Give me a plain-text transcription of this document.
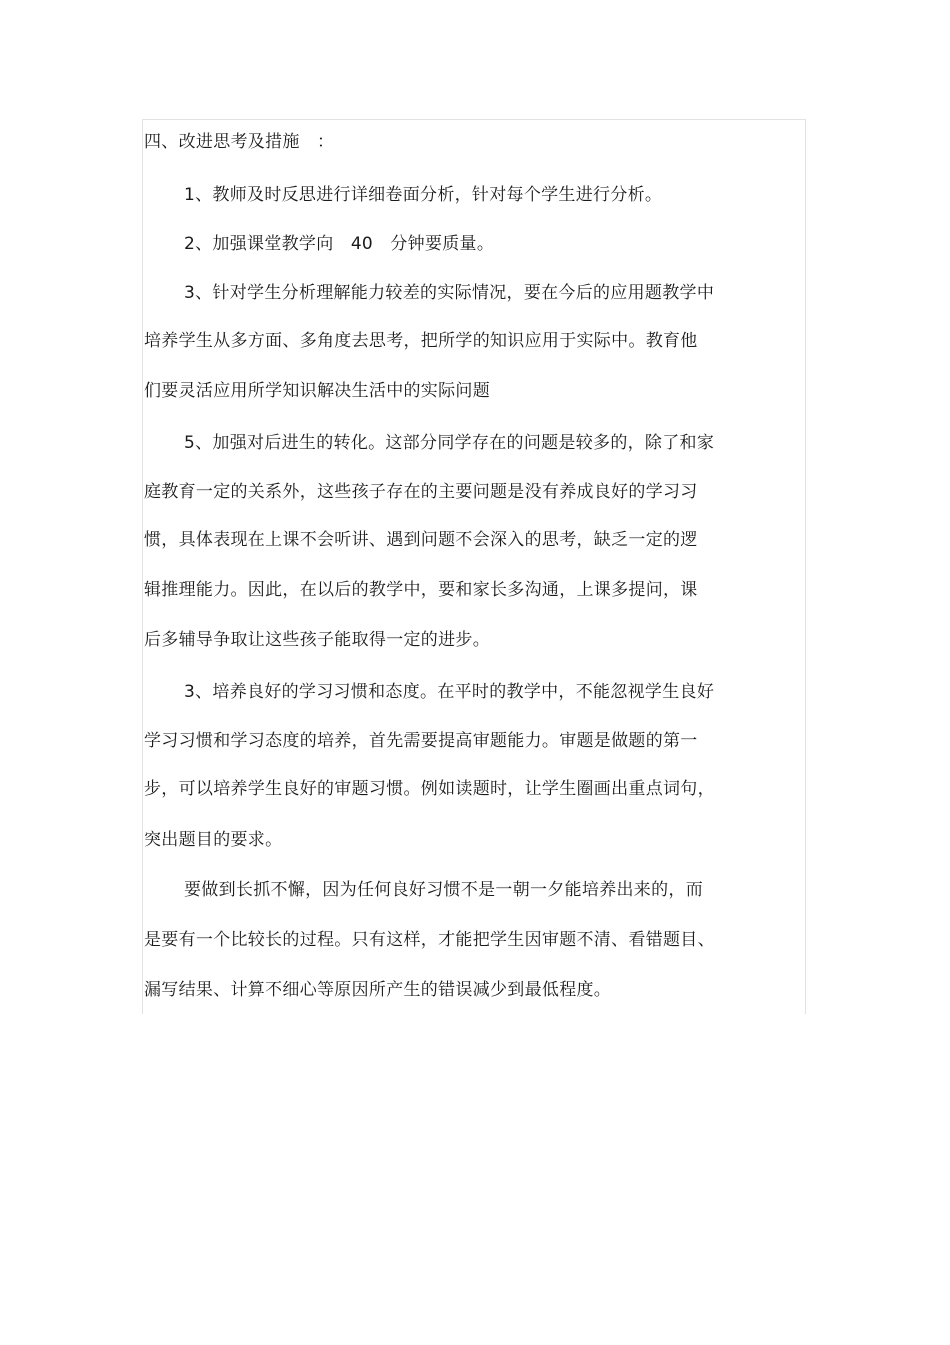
四、改进思考及措施　：
1、教师及时反思进行详细卷面分析，针对每个学生进行分析。
2、加强课堂教学向　40　分钟要质量。
3、针对学生分析理解能力较差的实际情况，要在今后的应用题教学中
培养学生从多方面、多角度去思考，把所学的知识应用于实际中。教育他
们要灵活应用所学知识解决生活中的实际问题
5、加强对后进生的转化。这部分同学存在的问题是较多的，除了和家
庭教育一定的关系外，这些孩子存在的主要问题是没有养成良好的学习习
惯，具体表现在上课不会听讲、遇到问题不会深入的思考，缺乏一定的逻
辑推理能力。因此，在以后的教学中，要和家长多沟通，上课多提问，课
后多辅导争取让这些孩子能取得一定的进步。
3、培养良好的学习习惯和态度。在平时的教学中，不能忽视学生良好
学习习惯和学习态度的培养，首先需要提高审题能力。审题是做题的第一
步，可以培养学生良好的审题习惯。例如读题时，让学生圈画出重点词句，
突出题目的要求。
要做到长抓不懈，因为任何良好习惯不是一朝一夕能培养出来的，而
是要有一个比较长的过程。只有这样，才能把学生因审题不清、看错题目、
漏写结果、计算不细心等原因所产生的错误减少到最低程度。
